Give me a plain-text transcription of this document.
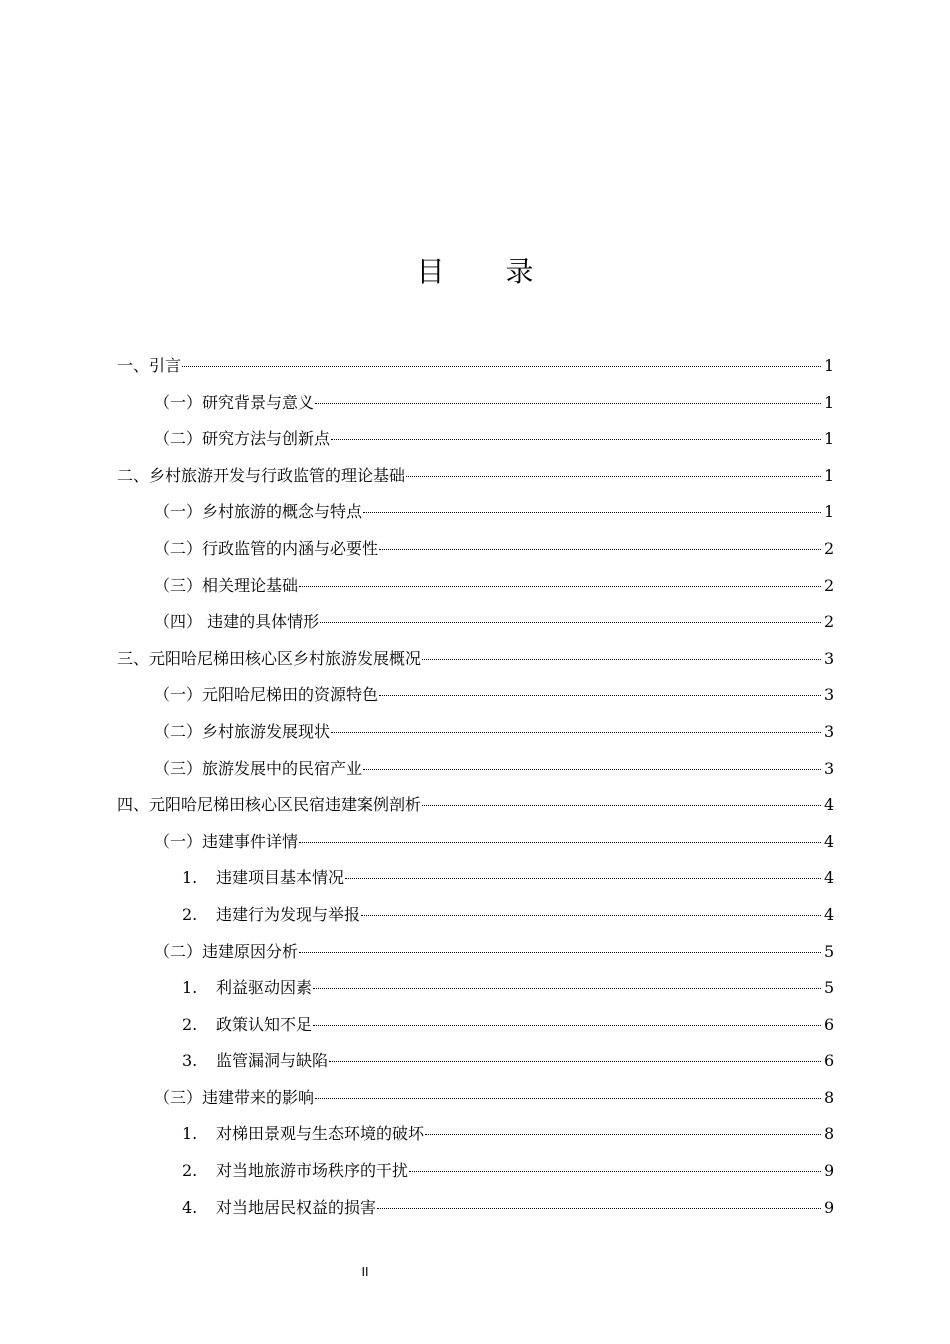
目 录
一、引言	1
（一）研究背景与意义	1
（二）研究方法与创新点	1
二、乡村旅游开发与行政监管的理论基础	1
（一）乡村旅游的概念与特点	1
（二）行政监管的内涵与必要性	2
（三）相关理论基础	2
（四） 违建的具体情形	2
三、元阳哈尼梯田核心区乡村旅游发展概况	3
（一）元阳哈尼梯田的资源特色	3
（二）乡村旅游发展现状	3
（三）旅游发展中的民宿产业	3
四、元阳哈尼梯田核心区民宿违建案例剖析	4
（一）违建事件详情	4
1.	违建项目基本情况	4
2.	违建行为发现与举报	4
（二）违建原因分析	5
1.	利益驱动因素	5
2.	政策认知不足	6
3.	监管漏洞与缺陷	6
（三）违建带来的影响	8
1.	对梯田景观与生态环境的破坏	8
2.	对当地旅游市场秩序的干扰	9
4.	对当地居民权益的损害	9
II
